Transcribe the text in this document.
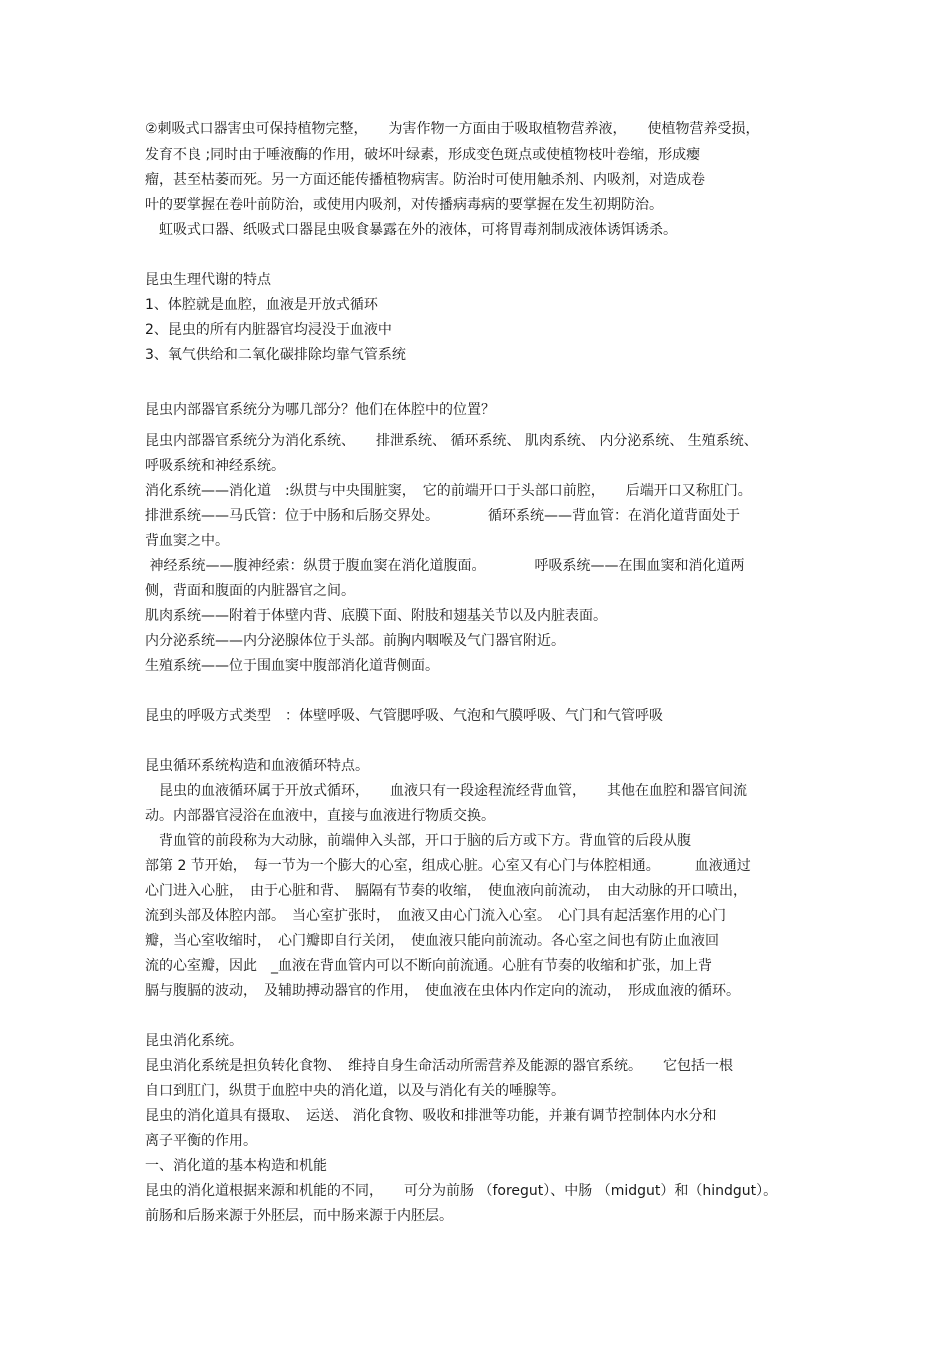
②刺吸式口器害虫可保持植物完整，　　为害作物一方面由于吸取植物营养液，　　使植物营养受损，
发育不良 ;同时由于唾液酶的作用，破坏叶绿素，形成变色斑点或使植物枝叶卷缩，形成瘿
瘤，甚至枯萎而死。另一方面还能传播植物病害。防治时可使用触杀剂、内吸剂，对造成卷
叶的要掌握在卷叶前防治，或使用内吸剂，对传播病毒病的要掌握在发生初期防治。
　虹吸式口器、纸吸式口器昆虫吸食暴露在外的液体，可将胃毒剂制成液体诱饵诱杀。
昆虫生理代谢的特点
1、体腔就是血腔，血液是开放式循环
2、昆虫的所有内脏器官均浸没于血液中
3、氧气供给和二氧化碳排除均靠气管系统
昆虫内部器官系统分为哪几部分？他们在体腔中的位置？
昆虫内部器官系统分为消化系统、　　排泄系统、 循环系统、 肌肉系统、 内分泌系统、 生殖系统、
呼吸系统和神经系统。
消化系统——消化道　:纵贯与中央围脏窦，　它的前端开口于头部口前腔，　　后端开口又称肛门。
排泄系统——马氏管：位于中肠和后肠交界处。　　　　循环系统——背血管：在消化道背面处于
背血窦之中。
神经系统——腹神经索：纵贯于腹血窦在消化道腹面。　　　　呼吸系统——在围血窦和消化道两
侧，背面和腹面的内脏器官之间。
肌肉系统——附着于体壁内背、底膜下面、附肢和翅基关节以及内脏表面。
内分泌系统——内分泌腺体位于头部。前胸内咽喉及气门器官附近。
生殖系统——位于围血窦中腹部消化道背侧面。
昆虫的呼吸方式类型　：体壁呼吸、气管腮呼吸、气泡和气膜呼吸、气门和气管呼吸
昆虫循环系统构造和血液循环特点。
　昆虫的血液循环属于开放式循环，　　血液只有一段途程流经背血管，　　其他在血腔和器官间流
动。内部器官浸浴在血液中，直接与血液进行物质交换。
　背血管的前段称为大动脉，前端伸入头部，开口于脑的后方或下方。背血管的后段从腹
部第 2 节开始，　每一节为一个膨大的心室，组成心脏。心室又有心门与体腔相通。　　　血液通过
心门进入心脏，　由于心脏和背、　膈隔有节奏的收缩，　使血液向前流动，　由大动脉的开口喷出，
流到头部及体腔内部。　当心室扩张时，　血液又由心门流入心室。　心门具有起活塞作用的心门
瓣，当心室收缩时，　心门瓣即自行关闭，　使血液只能向前流动。各心室之间也有防止血液回
流的心室瓣，因此　_血液在背血管内可以不断向前流通。心脏有节奏的收缩和扩张，加上背
膈与腹膈的波动，　及辅助搏动器官的作用，　使血液在虫体内作定向的流动，　形成血液的循环。
昆虫消化系统。
昆虫消化系统是担负转化食物、　维持自身生命活动所需营养及能源的器官系统。　　它包括一根
自口到肛门，纵贯于血腔中央的消化道，以及与消化有关的唾腺等。
昆虫的消化道具有摄取、　运送、 消化食物、吸收和排泄等功能，并兼有调节控制体内水分和
离子平衡的作用。
一、消化道的基本构造和机能
昆虫的消化道根据来源和机能的不同，　　可分为前肠 （foregut）、中肠 （midgut）和（hindgut）。
前肠和后肠来源于外胚层，而中肠来源于内胚层。
